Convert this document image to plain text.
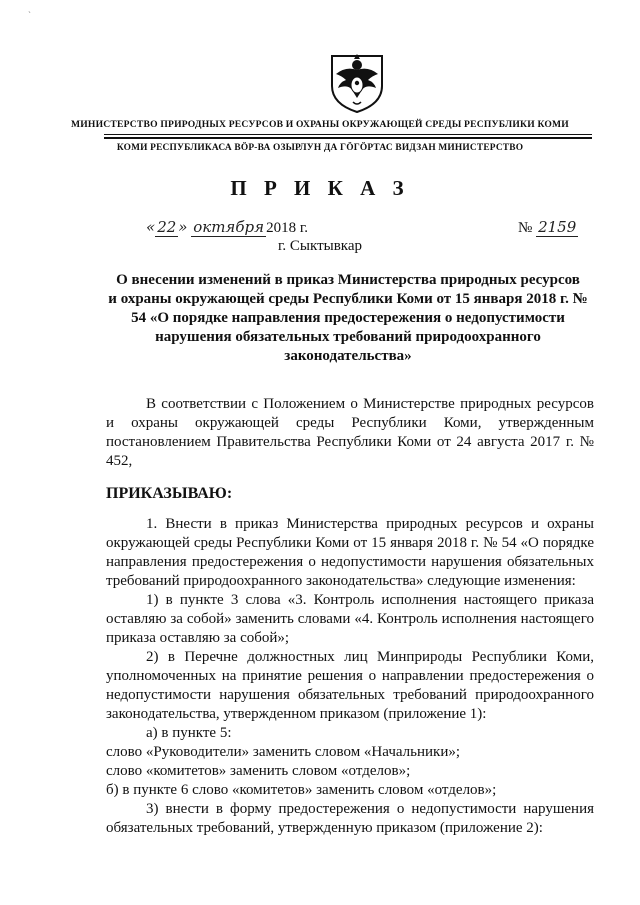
ˋ
МИНИСТЕРСТВО ПРИРОДНЫХ РЕСУРСОВ И ОХРАНЫ ОКРУЖАЮЩЕЙ СРЕДЫ РЕСПУБЛИКИ КОМИ
КОМИ РЕСПУБЛИКАСА ВӦР-ВА ОЗЫРЛУН ДА ГӦГӦРТАС ВИДЗАН МИНИСТЕРСТВО
П Р И К А З
« 22 » октября 2018 г.	№ 2159
г. Сыктывкар
О внесении изменений в приказ Министерства природных ресурсов
и охраны окружающей среды Республики Коми от 15 января 2018 г. №
54 «О порядке направления предостережения о недопустимости
нарушения обязательных требований природоохранного
законодательства»

В соответствии с Положением о Министерстве природных ресурсов и охраны окружающей среды Республики Коми, утвержденным постановлением Правительства Республики Коми от 24 августа 2017 г. № 452,

ПРИКАЗЫВАЮ:

1. Внести в приказ Министерства природных ресурсов и охраны окружающей среды Республики Коми от 15 января 2018 г. № 54 «О порядке направления предостережения о недопустимости нарушения обязательных требований природоохранного законодательства» следующие изменения:

1) в пункте 3 слова «3. Контроль исполнения настоящего приказа оставляю за собой» заменить словами «4. Контроль исполнения настоящего приказа оставляю за собой»;

2) в Перечне должностных лиц Минприроды Республики Коми, уполномоченных на принятие решения о направлении предостережения о недопустимости нарушения обязательных требований природоохранного законодательства, утвержденном приказом (приложение 1):

а) в пункте 5:

слово «Руководители» заменить словом «Начальники»;

слово «комитетов» заменить словом «отделов»;

б) в пункте 6 слово «комитетов» заменить словом «отделов»;

3) внести в форму предостережения о недопустимости нарушения обязательных требований, утвержденную приказом (приложение 2):
